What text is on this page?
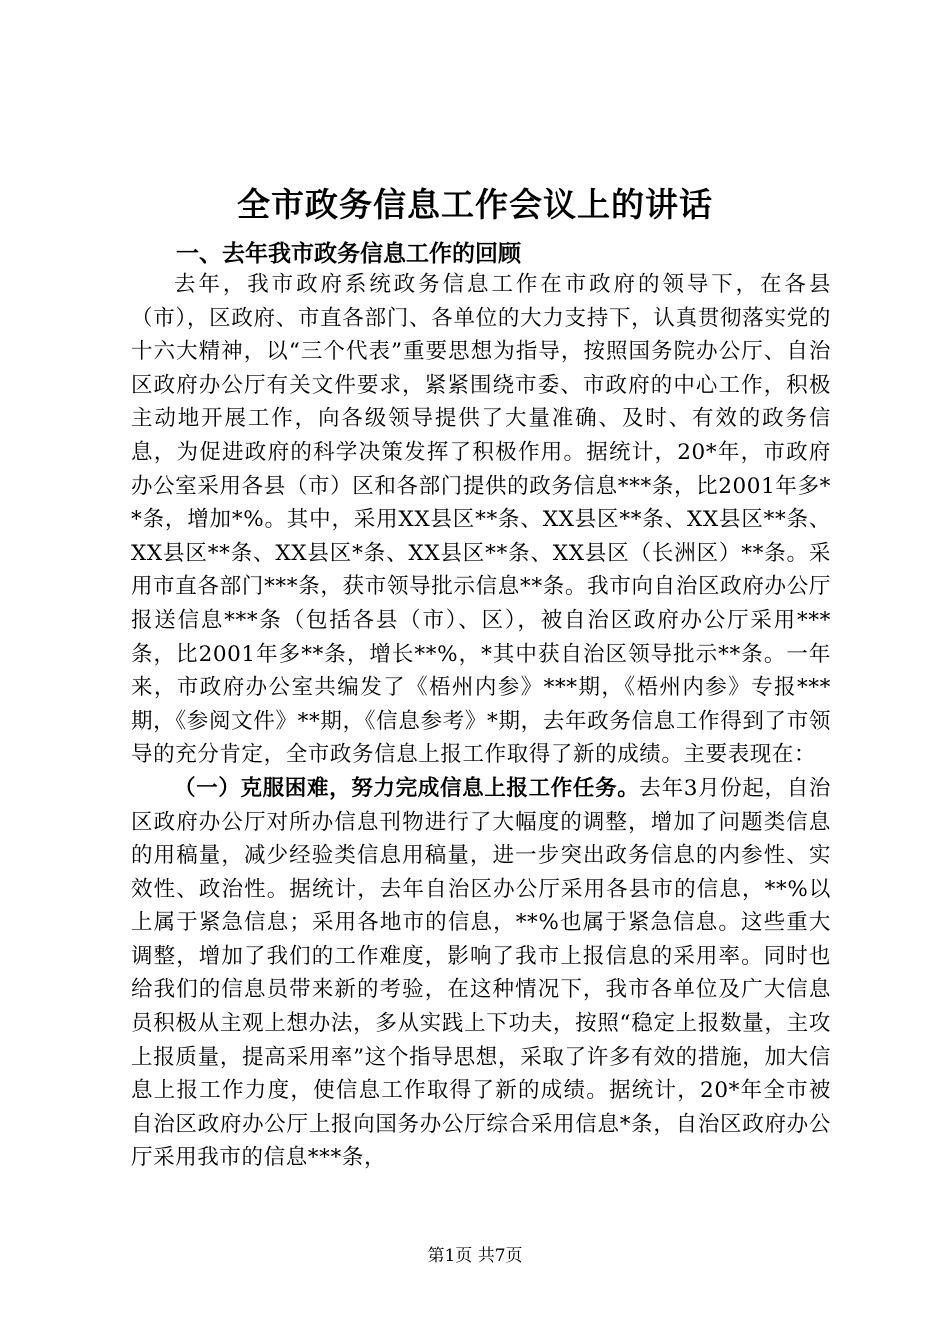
全市政务信息工作会议上的讲话
一、去年我市政务信息工作的回顾

去年，我市政府系统政务信息工作在市政府的领导下，在各县（市），区政府、市直各部门、各单位的大力支持下，认真贯彻落实党的十六大精神，以“三个代表”重要思想为指导，按照国务院办公厅、自治区政府办公厅有关文件要求，紧紧围绕市委、市政府的中心工作，积极主动地开展工作，向各级领导提供了大量准确、及时、有效的政务信息，为促进政府的科学决策发挥了积极作用。据统计，20*年，市政府办公室采用各县（市）区和各部门提供的政务信息***条，比2001年多**条，增加*%。其中，采用XX县区**条、XX县区**条、XX县区**条、XX县区**条、XX县区*条、XX县区**条、XX县区（长洲区）**条。采用市直各部门***条，获市领导批示信息**条。我市向自治区政府办公厅报送信息***条（包括各县（市）、区），被自治区政府办公厅采用***条，比2001年多**条，增长**%，*其中获自治区领导批示**条。一年来，市政府办公室共编发了《梧州内参》***期，《梧州内参》专报***期，《参阅文件》**期，《信息参考》*期，去年政务信息工作得到了市领导的充分肯定，全市政务信息上报工作取得了新的成绩。主要表现在：

（一）克服困难，努力完成信息上报工作任务。去年3月份起，自治区政府办公厅对所办信息刊物进行了大幅度的调整，增加了问题类信息的用稿量，减少经验类信息用稿量，进一步突出政务信息的内参性、实效性、政治性。据统计，去年自治区办公厅采用各县市的信息，**%以上属于紧急信息；采用各地市的信息，**%也属于紧急信息。这些重大调整，增加了我们的工作难度，影响了我市上报信息的采用率。同时也给我们的信息员带来新的考验，在这种情况下，我市各单位及广大信息员积极从主观上想办法，多从实践上下功夫，按照“稳定上报数量，主攻上报质量，提高采用率”这个指导思想，采取了许多有效的措施，加大信息上报工作力度，使信息工作取得了新的成绩。据统计，20*年全市被自治区政府办公厅上报向国务办公厅综合采用信息*条，自治区政府办公厅采用我市的信息***条，

第1页 共7页
